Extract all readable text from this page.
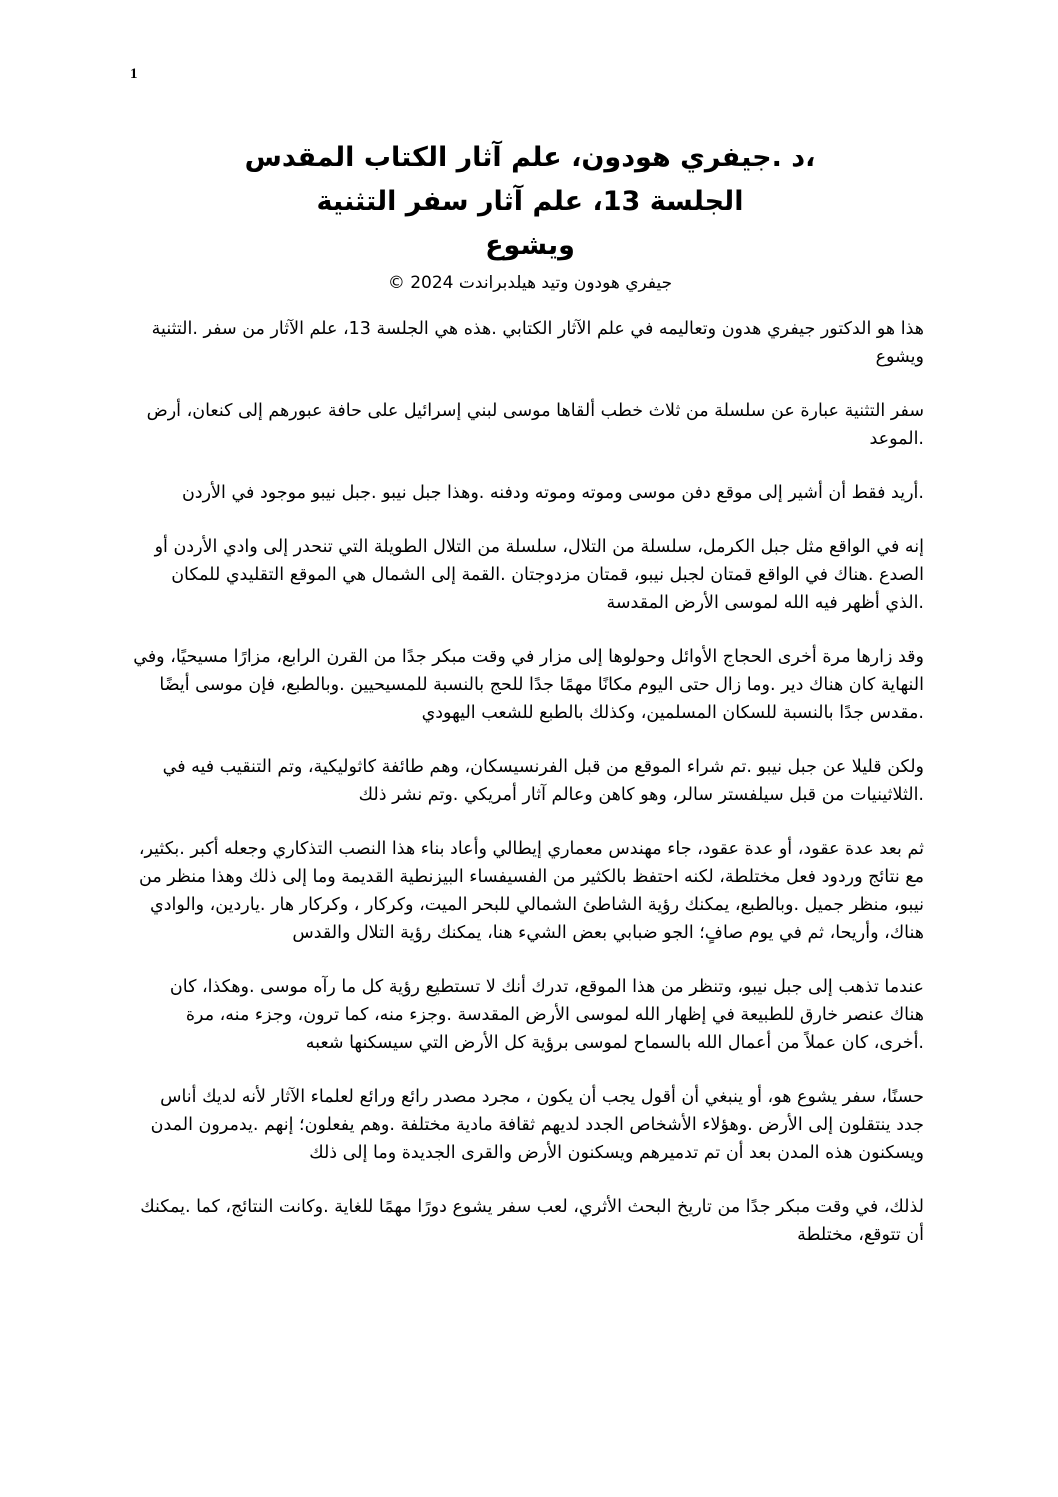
1
،د .جيفري هودون، علم آثار الكتاب المقدس
الجلسة 13، علم آثار سفر التثنية
ويشوع
جيفري هودون وتيد هيلدبراندت 2024 ©

هذا هو الدكتور جيفري هدون وتعاليمه في علم الآثار الكتابي .هذه هي الجلسة 13، علم الآثار من سفر .التثنية ويشوع

سفر التثنية عبارة عن سلسلة من ثلاث خطب ألقاها موسى لبني إسرائيل على حافة عبورهم إلى كنعان، أرض .الموعد

.أريد فقط أن أشير إلى موقع دفن موسى وموته وموته ودفنه .وهذا جبل نيبو .جبل نيبو موجود في الأردن

إنه في الواقع مثل جبل الكرمل، سلسلة من التلال، سلسلة من التلال الطويلة التي تنحدر إلى وادي الأردن أو الصدع .هناك في الواقع قمتان لجبل نيبو، قمتان مزدوجتان .القمة إلى الشمال هي الموقع التقليدي للمكان .الذي أظهر فيه الله لموسى الأرض المقدسة

وقد زارها مرة أخرى الحجاج الأوائل وحولوها إلى مزار في وقت مبكر جدًا من القرن الرابع، مزارًا مسيحيًا، وفي النهاية كان هناك دير .وما زال حتى اليوم مكانًا مهمًا جدًا للحج بالنسبة للمسيحيين .وبالطبع، فإن موسى أيضًا .مقدس جدًا بالنسبة للسكان المسلمين، وكذلك بالطبع للشعب اليهودي

ولكن قليلا عن جبل نيبو .تم شراء الموقع من قبل الفرنسيسكان، وهم طائفة كاثوليكية، وتم التنقيب فيه في .الثلاثينيات من قبل سيلفستر سالر، وهو كاهن وعالم آثار أمريكي .وتم نشر ذلك

ثم بعد عدة عقود، أو عدة عقود، جاء مهندس معماري إيطالي وأعاد بناء هذا النصب التذكاري وجعله أكبر .بكثير، مع نتائج وردود فعل مختلطة، لكنه احتفظ بالكثير من الفسيفساء البيزنطية القديمة وما إلى ذلك وهذا منظر من نيبو، منظر جميل .وبالطبع، يمكنك رؤية الشاطئ الشمالي للبحر الميت، وكركار ، وكركار هار .ياردين، والوادي هناك، وأريحا، ثم في يوم صافٍ؛ الجو ضبابي بعض الشيء هنا، يمكنك رؤية التلال والقدس

عندما تذهب إلى جبل نيبو، وتنظر من هذا الموقع، تدرك أنك لا تستطيع رؤية كل ما رآه موسى .وهكذا، كان هناك عنصر خارق للطبيعة في إظهار الله لموسى الأرض المقدسة .وجزء منه، كما ترون، وجزء منه، مرة .أخرى، كان عملاً من أعمال الله بالسماح لموسى برؤية كل الأرض التي سيسكنها شعبه

حسنًا، سفر يشوع هو، أو ينبغي أن أقول يجب أن يكون ، مجرد مصدر رائع ورائع لعلماء الآثار لأنه لديك أناس جدد ينتقلون إلى الأرض .وهؤلاء الأشخاص الجدد لديهم ثقافة مادية مختلفة .وهم يفعلون؛ إنهم .يدمرون المدن ويسكنون هذه المدن بعد أن تم تدميرهم ويسكنون الأرض والقرى الجديدة وما إلى ذلك

لذلك، في وقت مبكر جدًا من تاريخ البحث الأثري، لعب سفر يشوع دورًا مهمًا للغاية .وكانت النتائج، كما .يمكنك أن تتوقع، مختلطة
